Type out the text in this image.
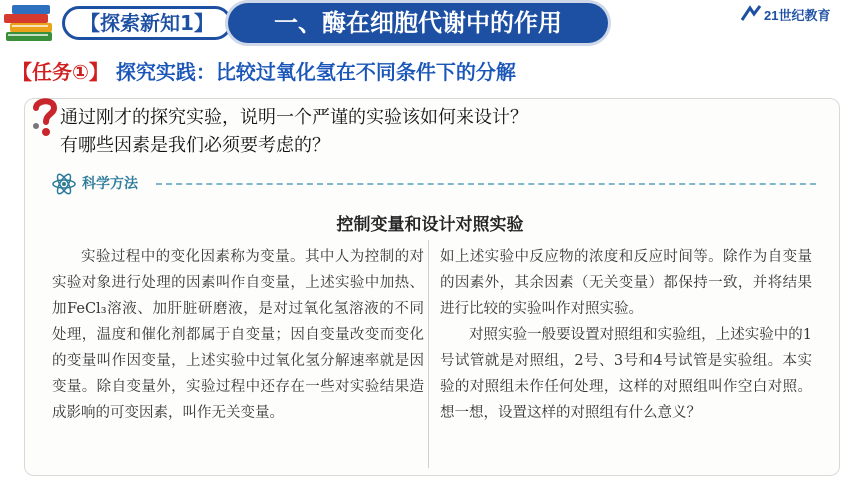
【探索新知1】	一、酶在细胞代谢中的作用	21世纪教育
【任务①】 探究实践：比较过氧化氢在不同条件下的分解
通过刚才的探究实验，说明一个严谨的实验该如何来设计？
有哪些因素是我们必须要考虑的？
科学方法
控制变量和设计对照实验

实验过程中的变化因素称为变量。其中人为控制的对实验对象进行处理的因素叫作自变量，上述实验中加热、加FeCl₃溶液、加肝脏研磨液，是对过氧化氢溶液的不同处理，温度和催化剂都属于自变量；因自变量改变而变化的变量叫作因变量，上述实验中过氧化氢分解速率就是因变量。除自变量外，实验过程中还存在一些对实验结果造成影响的可变因素，叫作无关变量。

如上述实验中反应物的浓度和反应时间等。除作为自变量的因素外，其余因素（无关变量）都保持一致，并将结果进行比较的实验叫作对照实验。

对照实验一般要设置对照组和实验组，上述实验中的1号试管就是对照组，2号、3号和4号试管是实验组。本实验的对照组未作任何处理，这样的对照组叫作空白对照。想一想，设置这样的对照组有什么意义？
